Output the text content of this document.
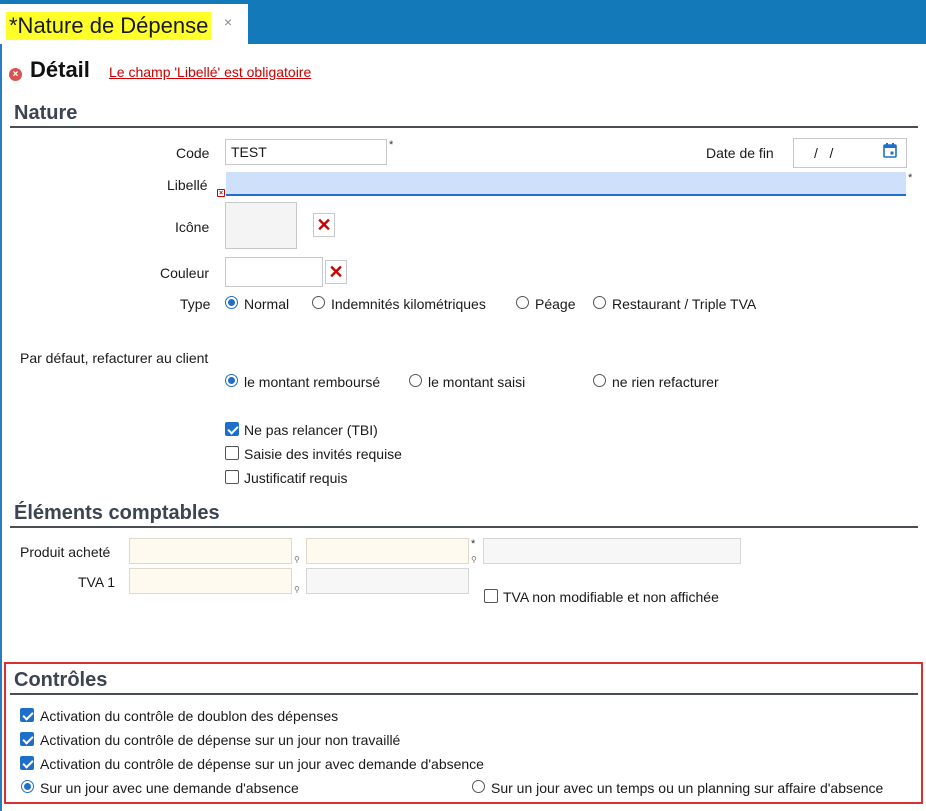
*Nature de Dépense ×
× Détail Le champ 'Libellé' est obligatoire
Nature
Code	TEST	*	Date de fin	/   /
Libellé
×
*
Icône	✕
Couleur	✕
Type Normal	Indemnités kilométriques	Péage	Restaurant / Triple TVA
Par défaut, refacturer au client
le montant remboursé	le montant saisi	ne rien refacturer
Ne pas relancer (TBI)
Saisie des invités requise
Justificatif requis
Éléments comptables
Produit acheté	⚲
*
⚲
TVA 1	⚲	TVA non modifiable et non affichée
Contrôles
Activation du contrôle de doublon des dépenses
Activation du contrôle de dépense sur un jour non travaillé
Activation du contrôle de dépense sur un jour avec demande d'absence
Sur un jour avec une demande d'absence	Sur un jour avec un temps ou un planning sur affaire d'absence
